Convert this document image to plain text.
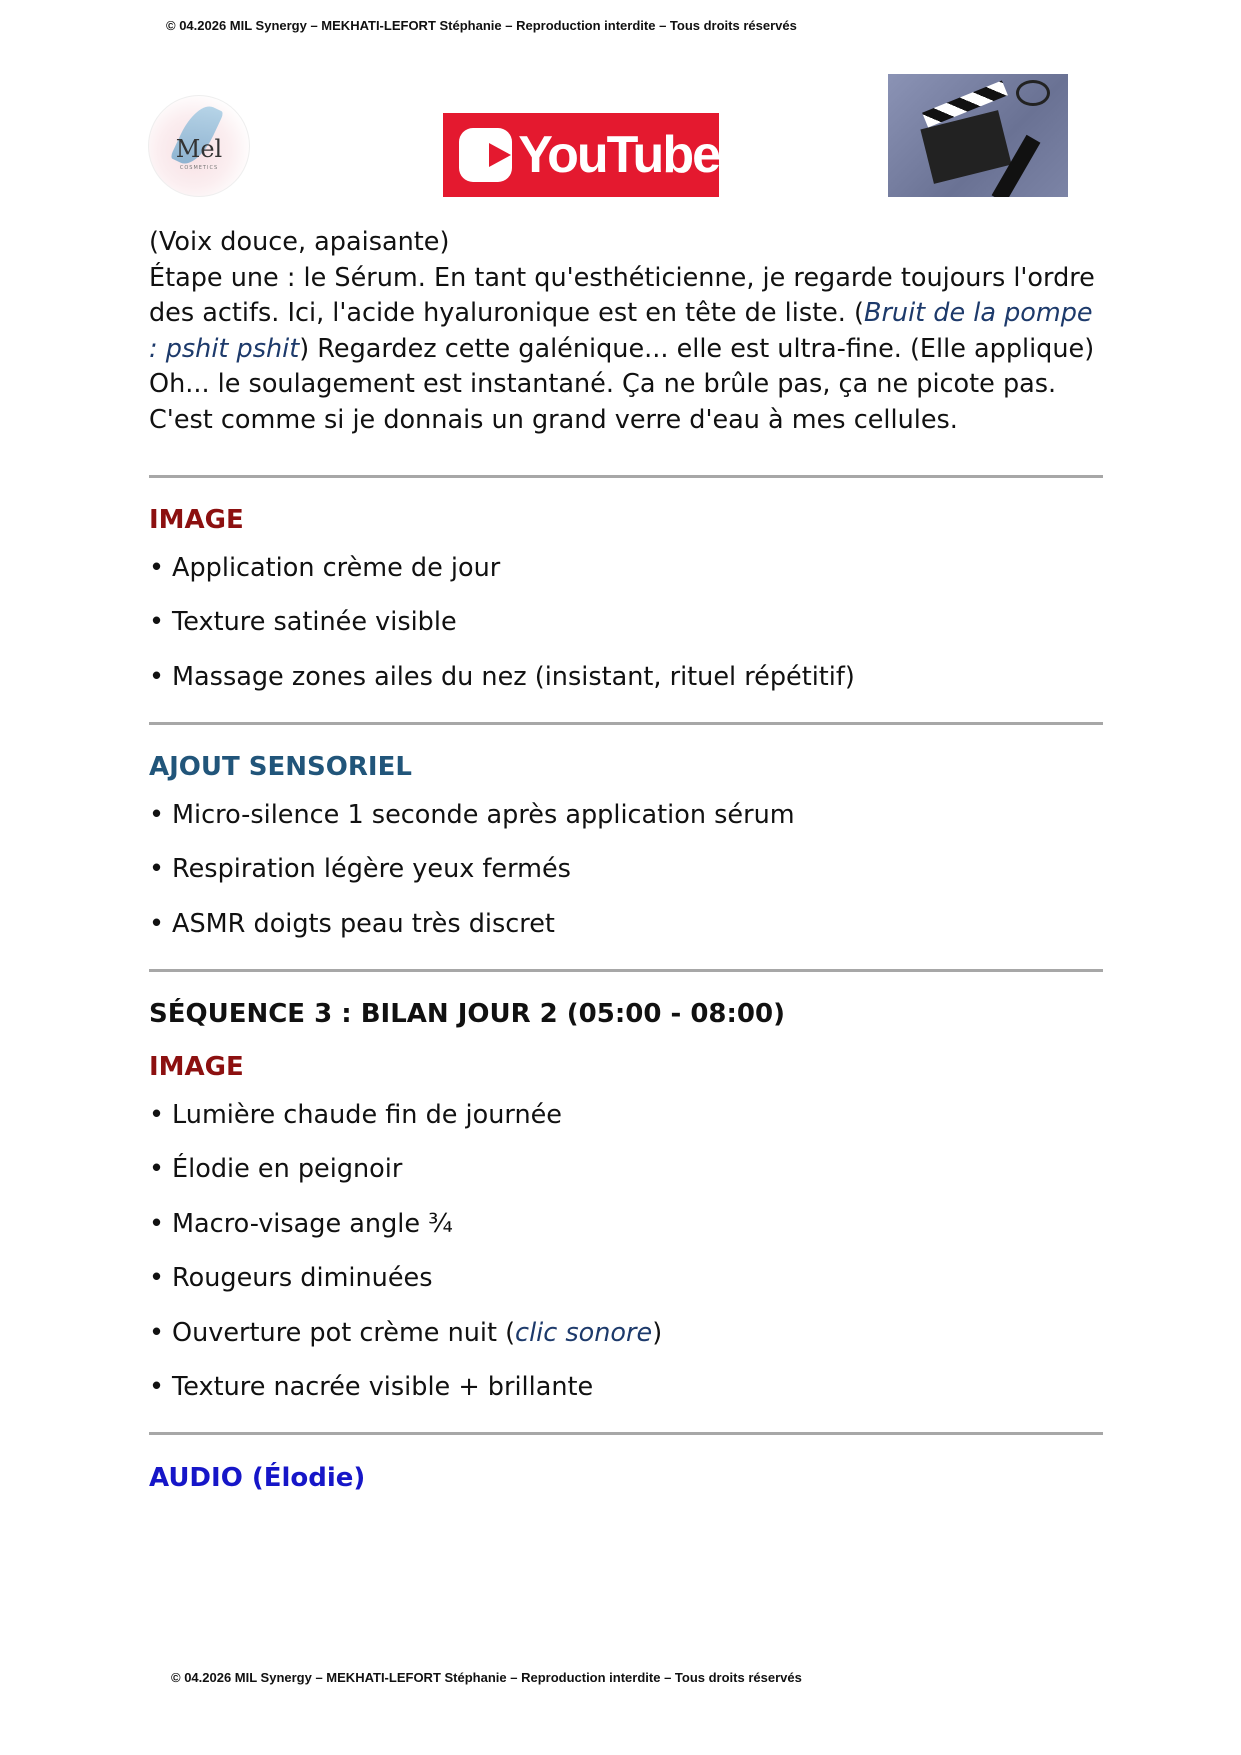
© 04.2026 MIL Synergy – MEKHATI-LEFORT Stéphanie – Reproduction interdite – Tous droits réservés
Mel
COSMETICS	YouTube

(Voix douce, apaisante)

Étape une : le Sérum. En tant qu'esthéticienne, je regarde toujours l'ordre des actifs. Ici, l'acide hyaluronique est en tête de liste. (Bruit de la pompe : pshit pshit) Regardez cette galénique... elle est ultra-fine. (Elle applique) Oh... le soulagement est instantané. Ça ne brûle pas, ça ne picote pas. C'est comme si je donnais un grand verre d'eau à mes cellules.

IMAGE
• Application crème de jour
• Texture satinée visible
• Massage zones ailes du nez (insistant, rituel répétitif)
AJOUT SENSORIEL
• Micro-silence 1 seconde après application sérum
• Respiration légère yeux fermés
• ASMR doigts peau très discret
SÉQUENCE 3 : BILAN JOUR 2 (05:00 - 08:00)
IMAGE
• Lumière chaude fin de journée
• Élodie en peignoir
• Macro-visage angle ¾
• Rougeurs diminuées
• Ouverture pot crème nuit (clic sonore)
• Texture nacrée visible + brillante
AUDIO (Élodie)
© 04.2026 MIL Synergy – MEKHATI-LEFORT Stéphanie – Reproduction interdite – Tous droits réservés
